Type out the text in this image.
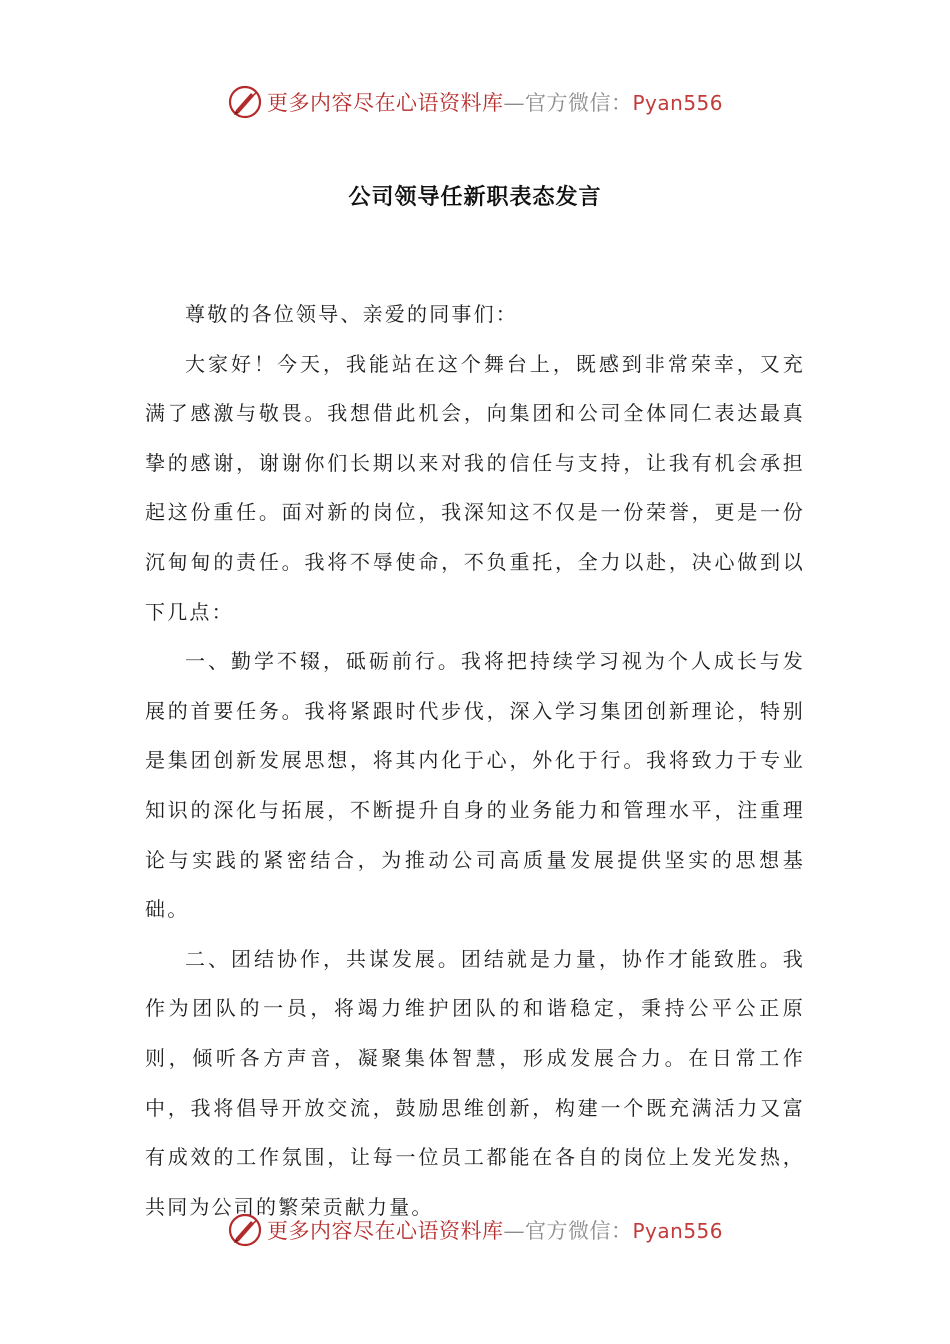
更多内容尽在心语资料库—官方微信：Pyan556
公司领导任新职表态发言

尊敬的各位领导、亲爱的同事们：

大家好！今天，我能站在这个舞台上，既感到非常荣幸，又充满了感激与敬畏。我想借此机会，向集团和公司全体同仁表达最真挚的感谢，谢谢你们长期以来对我的信任与支持，让我有机会承担起这份重任。面对新的岗位，我深知这不仅是一份荣誉，更是一份沉甸甸的责任。我将不辱使命，不负重托，全力以赴，决心做到以下几点：

一、勤学不辍，砥砺前行。我将把持续学习视为个人成长与发展的首要任务。我将紧跟时代步伐，深入学习集团创新理论，特别是集团创新发展思想，将其内化于心，外化于行。我将致力于专业知识的深化与拓展，不断提升自身的业务能力和管理水平，注重理论与实践的紧密结合，为推动公司高质量发展提供坚实的思想基础。

二、团结协作，共谋发展。团结就是力量，协作才能致胜。我作为团队的一员，将竭力维护团队的和谐稳定，秉持公平公正原则，倾听各方声音，凝聚集体智慧，形成发展合力。在日常工作中，我将倡导开放交流，鼓励思维创新，构建一个既充满活力又富有成效的工作氛围，让每一位员工都能在各自的岗位上发光发热，共同为公司的繁荣贡献力量。

更多内容尽在心语资料库—官方微信：Pyan556
